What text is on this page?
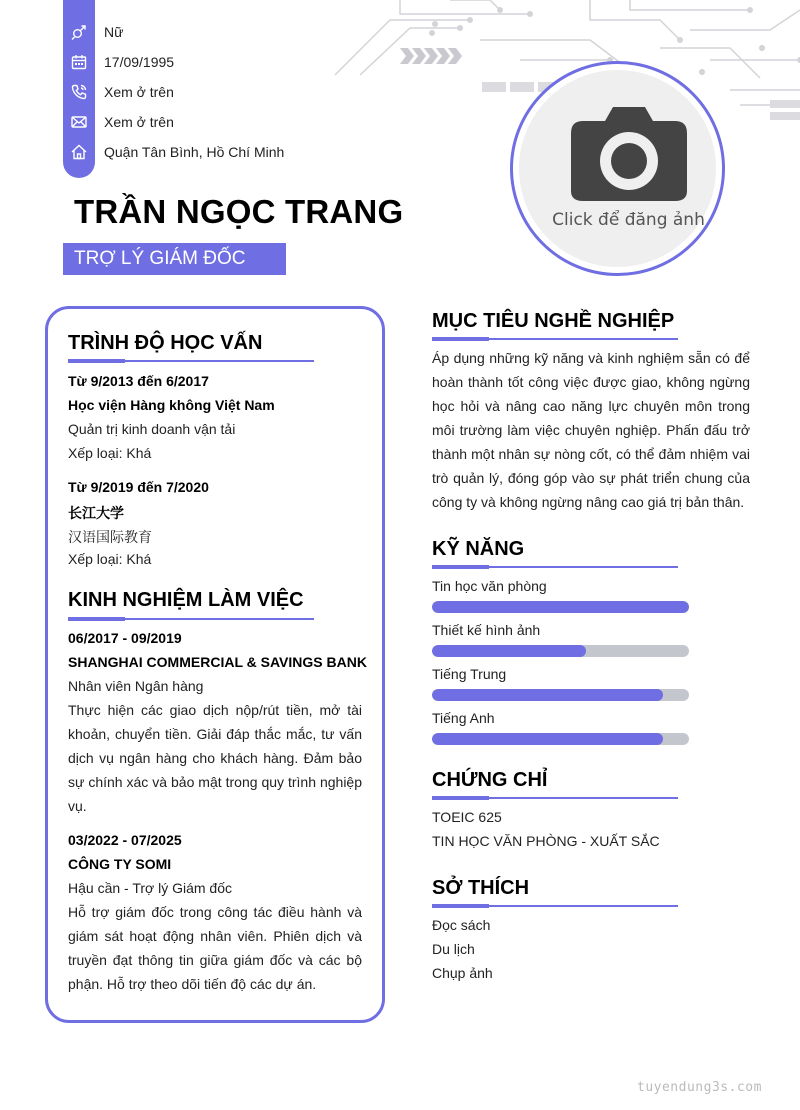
Nữ
17/09/1995
Xem ở trên
Xem ở trên
Quận Tân Bình, Hồ Chí Minh
TRẦN NGỌC TRANG
TRỢ LÝ GIÁM ĐỐC
Click để đăng ảnh
TRÌNH ĐỘ HỌC VẤN
Từ 9/2013 đến 6/2017
Học viện Hàng không Việt Nam
Quản trị kinh doanh vận tải
Xếp loại: Khá
Từ 9/2019 đến 7/2020
长江大学
汉语国际教育
Xếp loại: Khá
KINH NGHIỆM LÀM VIỆC
06/2017 - 09/2019
SHANGHAI COMMERCIAL & SAVINGS BANK
Nhân viên Ngân hàng
Thực hiện các giao dịch nộp/rút tiền, mở tài khoản, chuyển tiền. Giải đáp thắc mắc, tư vấn dịch vụ ngân hàng cho khách hàng. Đảm bảo sự chính xác và bảo mật trong quy trình nghiệp vụ.
03/2022 - 07/2025
CÔNG TY SOMI
Hậu cần - Trợ lý Giám đốc
Hỗ trợ giám đốc trong công tác điều hành và giám sát hoạt động nhân viên. Phiên dịch và truyền đạt thông tin giữa giám đốc và các bộ phận. Hỗ trợ theo dõi tiến độ các dự án.
MỤC TIÊU NGHỀ NGHIỆP
Áp dụng những kỹ năng và kinh nghiệm sẵn có để hoàn thành tốt công việc được giao, không ngừng học hỏi và nâng cao năng lực chuyên môn trong môi trường làm việc chuyên nghiệp. Phấn đấu trở thành một nhân sự nòng cốt, có thể đảm nhiệm vai trò quản lý, đóng góp vào sự phát triển chung của công ty và không ngừng nâng cao giá trị bản thân.
KỸ NĂNG
Tin học văn phòng
Thiết kế hình ảnh
Tiếng Trung
Tiếng Anh
CHỨNG CHỈ
TOEIC 625
TIN HỌC VĂN PHÒNG - XUẤT SẮC
SỞ THÍCH
Đọc sách
Du lịch
Chụp ảnh
tuyendung3s.com
